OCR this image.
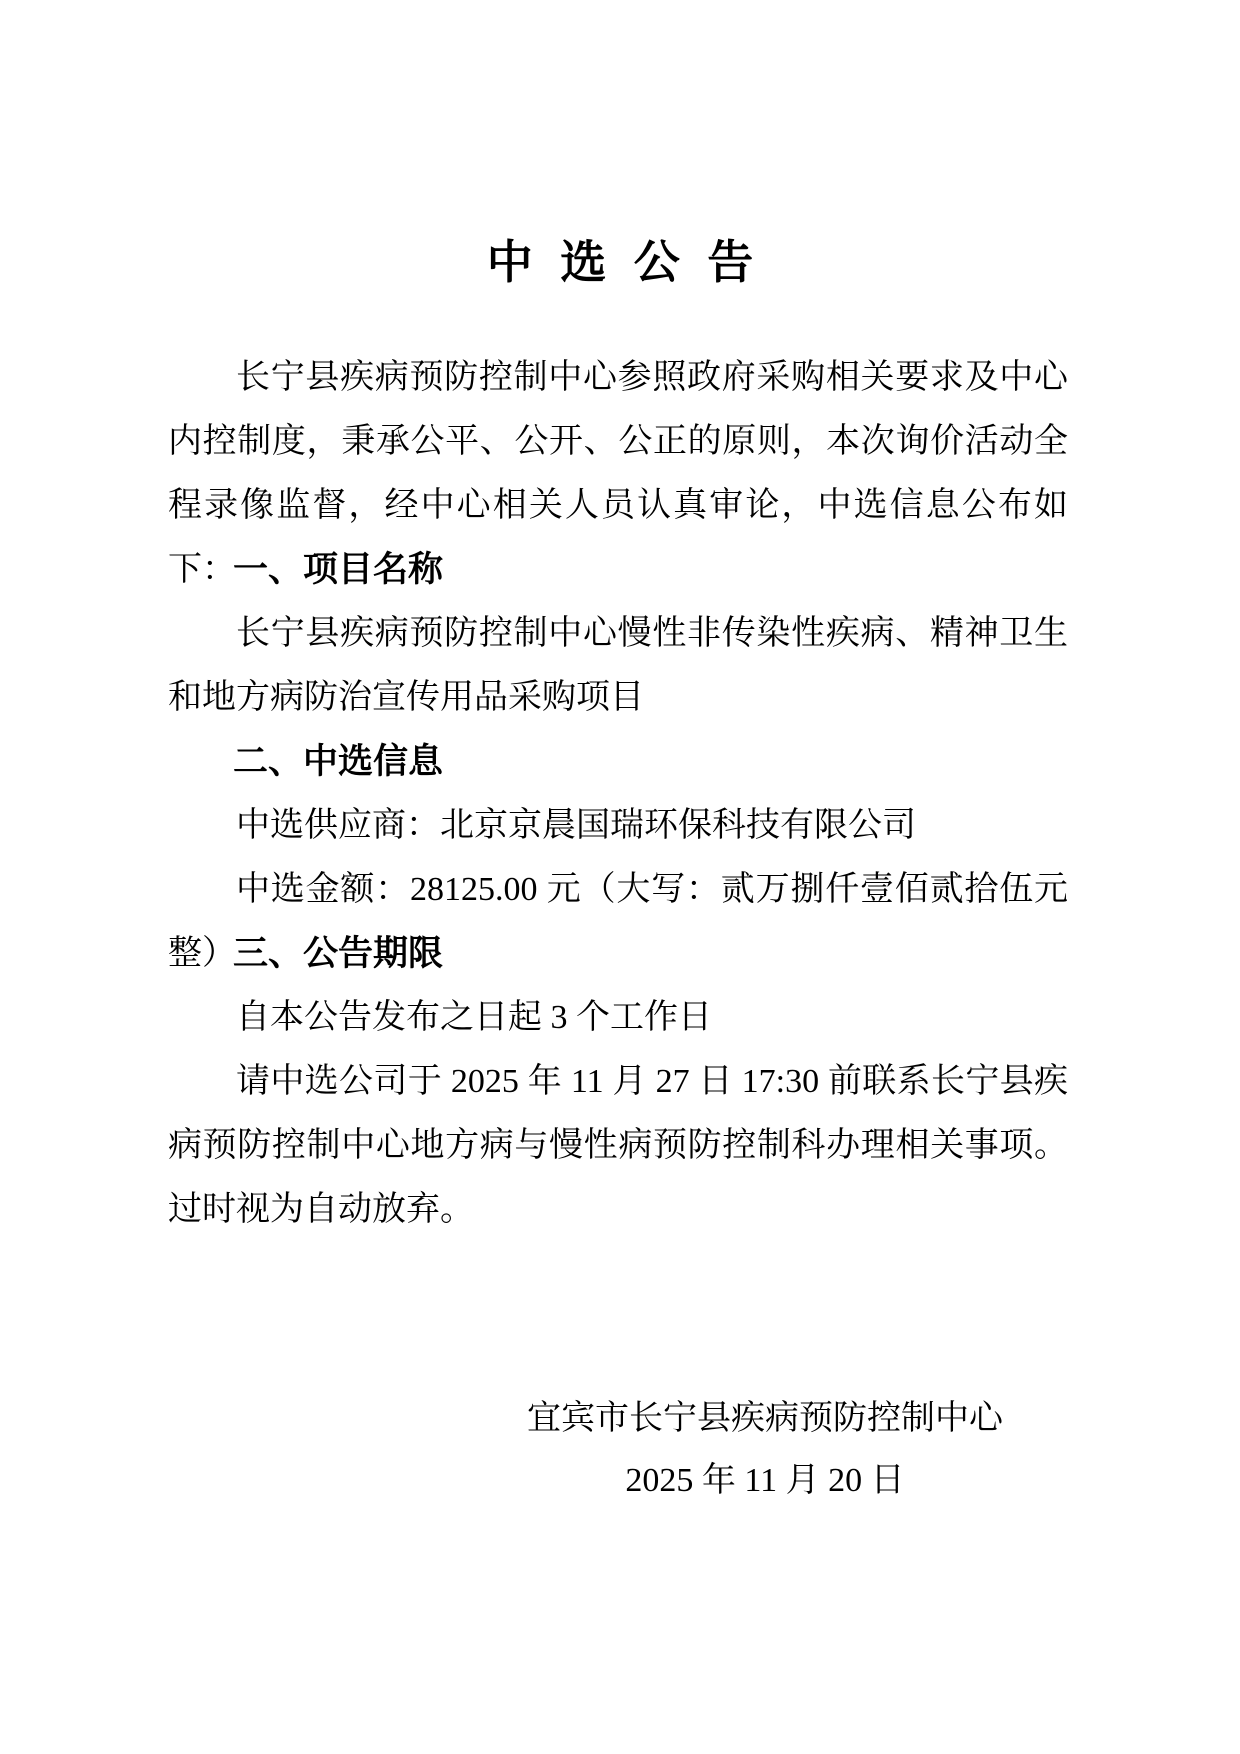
中 选 公 告

长宁县疾病预防控制中心参照政府采购相关要求及中心内控制度，秉承公平、公开、公正的原则，本次询价活动全程录像监督，经中心相关人员认真审论，中选信息公布如下：

一、项目名称

长宁县疾病预防控制中心慢性非传染性疾病、精神卫生和地方病防治宣传用品采购项目

二、中选信息

中选供应商：北京京晨国瑞环保科技有限公司

中选金额：28125.00 元（大写：贰万捌仟壹佰贰拾伍元整）

三、公告期限

自本公告发布之日起 3 个工作日

请中选公司于 2025 年 11 月 27 日 17:30 前联系长宁县疾病预防控制中心地方病与慢性病预防控制科办理相关事项。过时视为自动放弃。

宜宾市长宁县疾病预防控制中心
2025 年 11 月 20 日
